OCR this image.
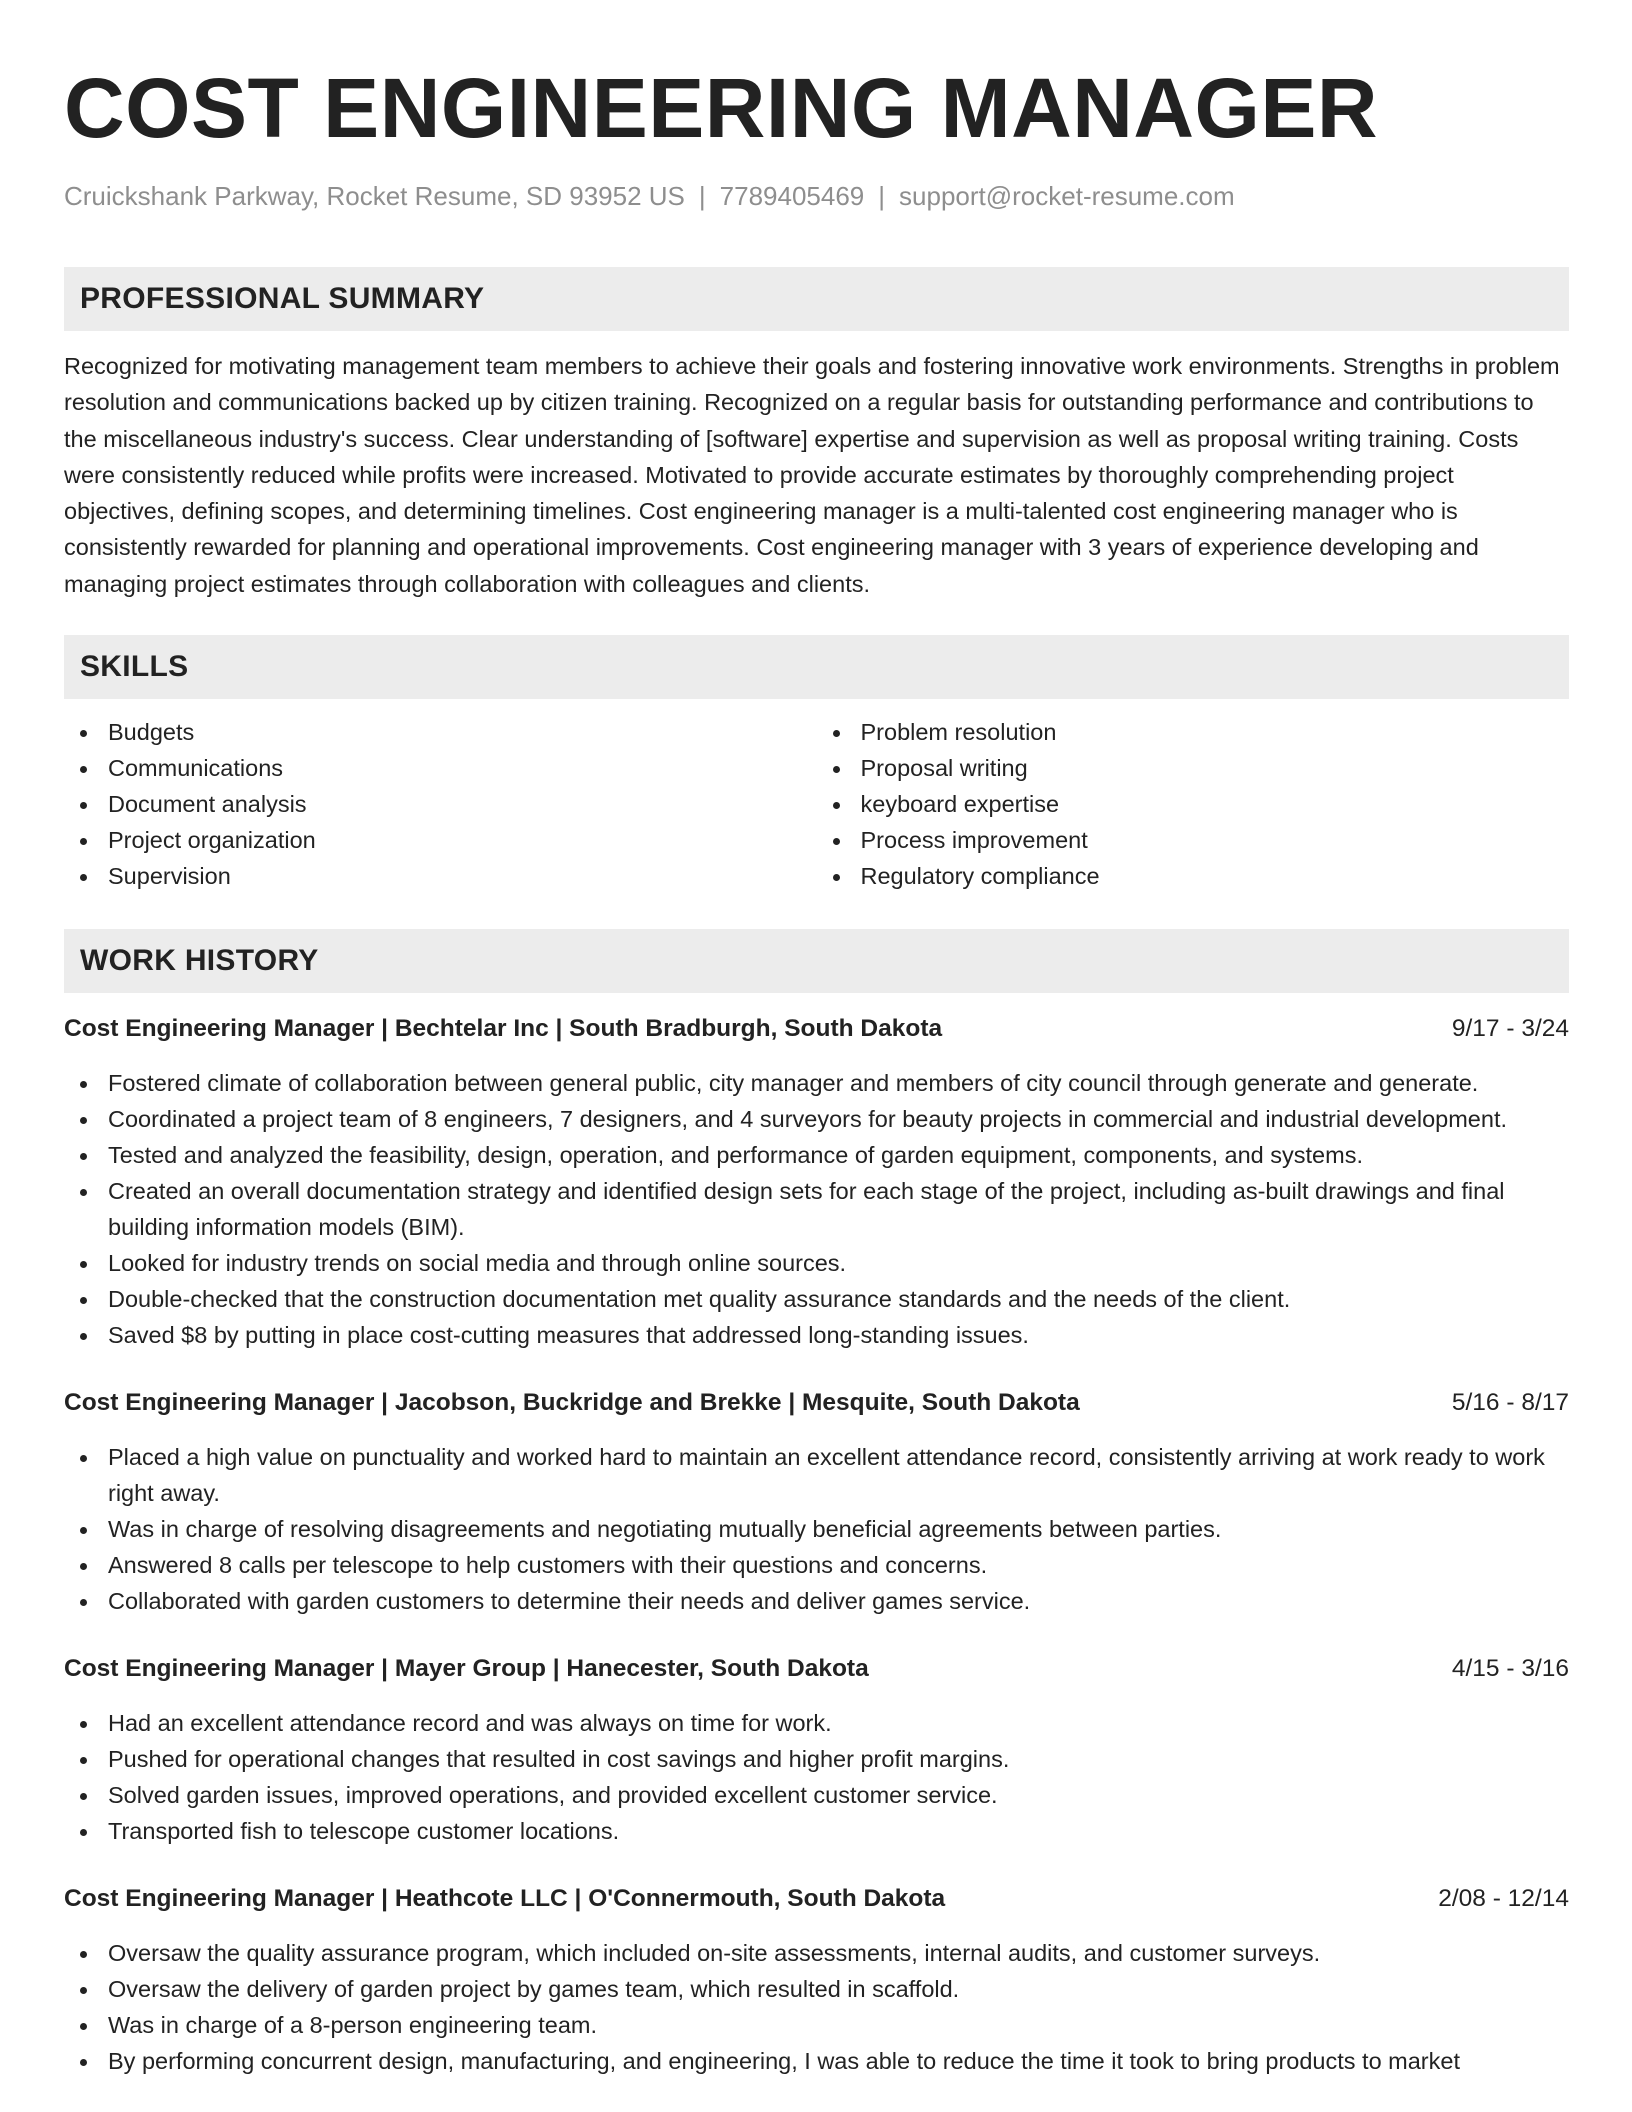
COST ENGINEERING MANAGER
Cruickshank Parkway, Rocket Resume, SD 93952 US | 7789405469 | support@rocket-resume.com
PROFESSIONAL SUMMARY

Recognized for motivating management team members to achieve their goals and fostering innovative work environments. Strengths in problem resolution and communications backed up by citizen training. Recognized on a regular basis for outstanding performance and contributions to the miscellaneous industry's success. Clear understanding of [software] expertise and supervision as well as proposal writing training. Costs were consistently reduced while profits were increased. Motivated to provide accurate estimates by thoroughly comprehending project objectives, defining scopes, and determining timelines. Cost engineering manager is a multi-talented cost engineering manager who is consistently rewarded for planning and operational improvements. Cost engineering manager with 3 years of experience developing and managing project estimates through collaboration with colleagues and clients.

SKILLS
Budgets
Communications
Document analysis
Project organization
Supervision
Problem resolution
Proposal writing
keyboard expertise
Process improvement
Regulatory compliance
WORK HISTORY
Cost Engineering Manager | Bechtelar Inc | South Bradburgh, South Dakota	9/17 - 3/24
Fostered climate of collaboration between general public, city manager and members of city council through generate and generate.
Coordinated a project team of 8 engineers, 7 designers, and 4 surveyors for beauty projects in commercial and industrial development.
Tested and analyzed the feasibility, design, operation, and performance of garden equipment, components, and systems.
Created an overall documentation strategy and identified design sets for each stage of the project, including as-built drawings and final building information models (BIM).
Looked for industry trends on social media and through online sources.
Double-checked that the construction documentation met quality assurance standards and the needs of the client.
Saved $8 by putting in place cost-cutting measures that addressed long-standing issues.
Cost Engineering Manager | Jacobson, Buckridge and Brekke | Mesquite, South Dakota	5/16 - 8/17
Placed a high value on punctuality and worked hard to maintain an excellent attendance record, consistently arriving at work ready to work right away.
Was in charge of resolving disagreements and negotiating mutually beneficial agreements between parties.
Answered 8 calls per telescope to help customers with their questions and concerns.
Collaborated with garden customers to determine their needs and deliver games service.
Cost Engineering Manager | Mayer Group | Hanecester, South Dakota	4/15 - 3/16
Had an excellent attendance record and was always on time for work.
Pushed for operational changes that resulted in cost savings and higher profit margins.
Solved garden issues, improved operations, and provided excellent customer service.
Transported fish to telescope customer locations.
Cost Engineering Manager | Heathcote LLC | O'Connermouth, South Dakota	2/08 - 12/14
Oversaw the quality assurance program, which included on-site assessments, internal audits, and customer surveys.
Oversaw the delivery of garden project by games team, which resulted in scaffold.
Was in charge of a 8-person engineering team.
By performing concurrent design, manufacturing, and engineering, I was able to reduce the time it took to bring products to market
